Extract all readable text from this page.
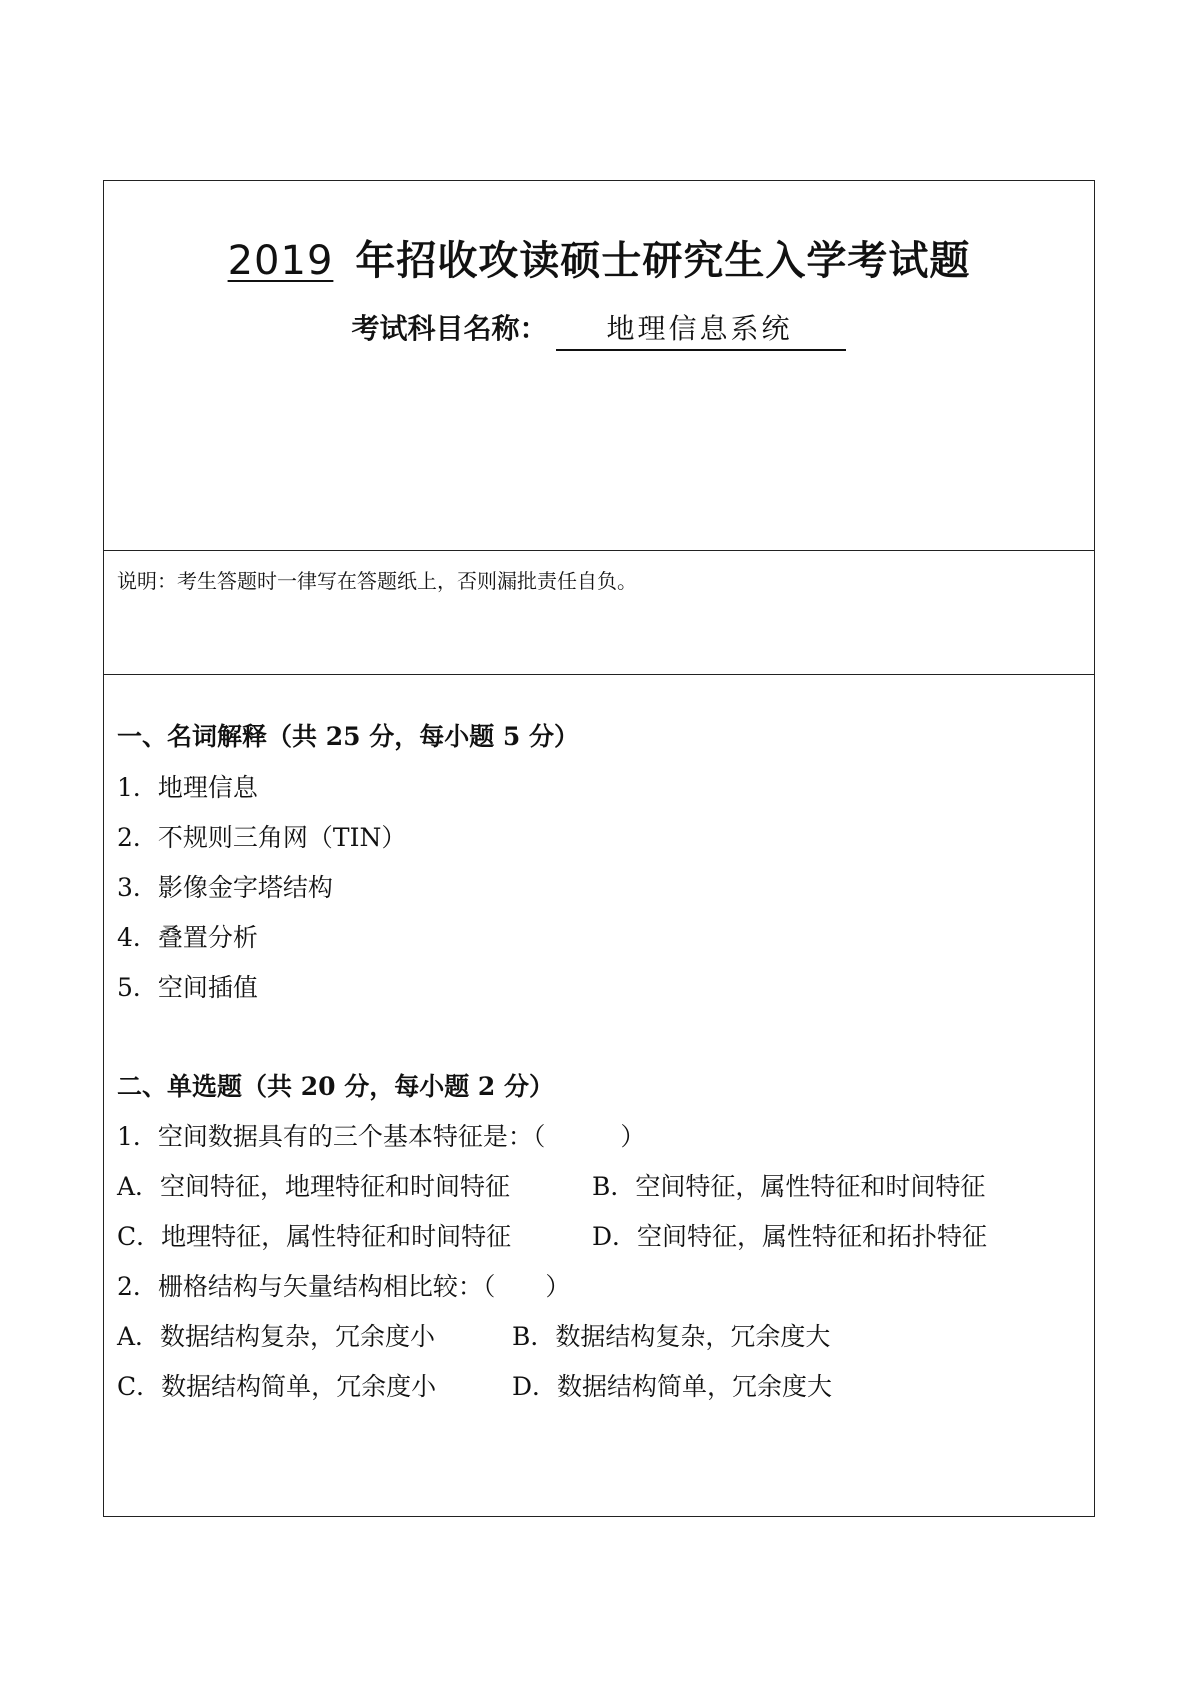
2019 年招收攻读硕士研究生入学考试题
考试科目名称： 地理信息系统
说明：考生答题时一律写在答题纸上，否则漏批责任自负。
一、名词解释（共 25 分，每小题 5 分）
1．地理信息
2．不规则三角网（TIN）
3．影像金字塔结构
4．叠置分析
5．空间插值
二、单选题（共 20 分，每小题 2 分）
1．空间数据具有的三个基本特征是：（　　　）
A．空间特征，地理特征和时间特征	B．空间特征，属性特征和时间特征
C．地理特征，属性特征和时间特征	D．空间特征，属性特征和拓扑特征
2．栅格结构与矢量结构相比较：（　　）
A．数据结构复杂，冗余度小	B．数据结构复杂，冗余度大
C．数据结构简单，冗余度小	D．数据结构简单，冗余度大
